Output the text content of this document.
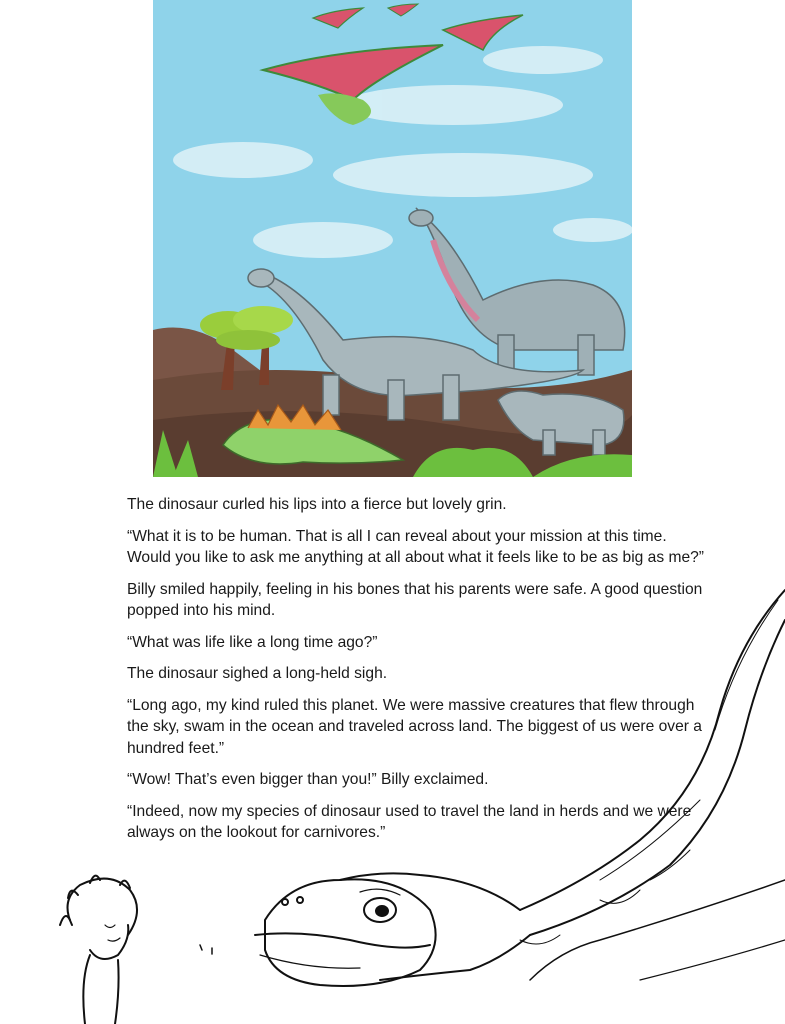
The dinosaur curled his lips into a fierce but lovely grin.

“What it is to be human. That is all I can reveal about your mission at this time. Would you like to ask me anything at all about what it feels like to be as big as me?”

Billy smiled happily, feeling in his bones that his parents were safe. A good question popped into his mind.

“What was life like a long time ago?”

The dinosaur sighed a long-held sigh.

“Long ago, my kind ruled this planet. We were massive creatures that flew through the sky, swam in the ocean and traveled across land. The biggest of us were over a hundred feet.”

“Wow! That’s even bigger than you!” Billy exclaimed.

“Indeed, now my species of dinosaur used to travel the land in herds and we were always on the lookout for carnivores.”
